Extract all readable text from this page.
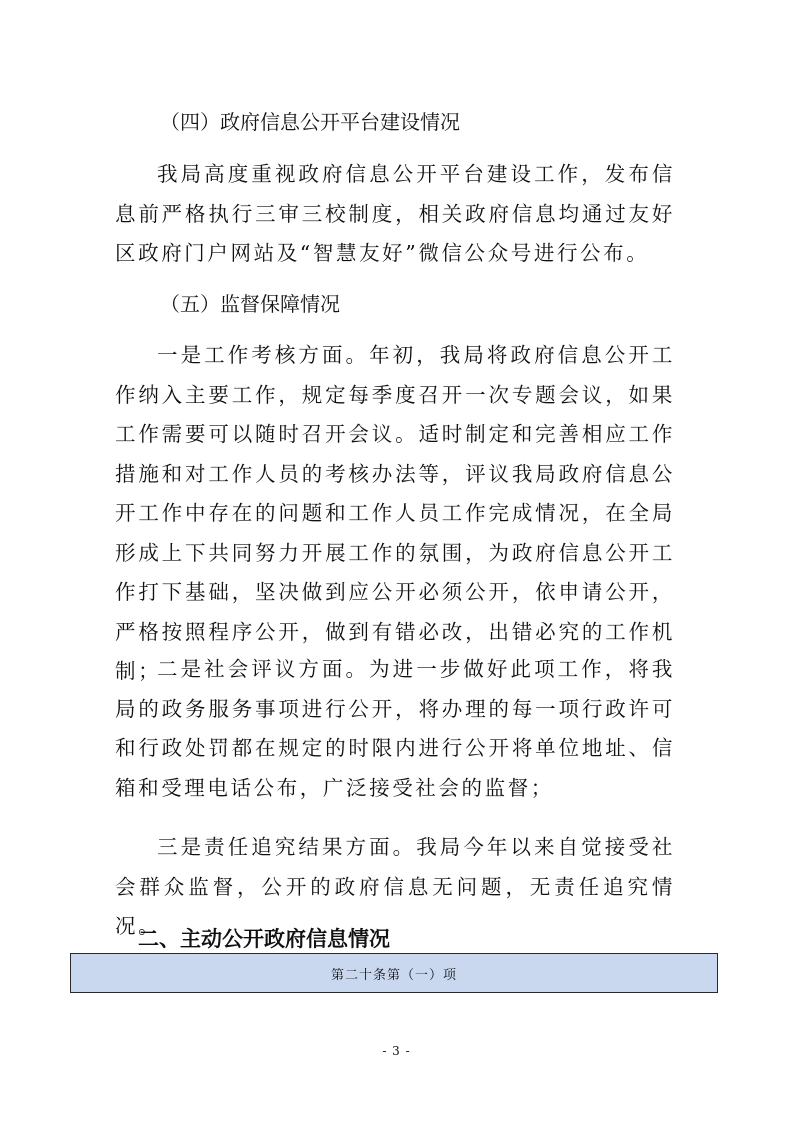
（四）政府信息公开平台建设情况
我局高度重视政府信息公开平台建设工作，发布信息前严格执行三审三校制度，相关政府信息均通过友好区政府门户网站及“智慧友好”微信公众号进行公布。
（五）监督保障情况
一是工作考核方面。年初，我局将政府信息公开工作纳入主要工作，规定每季度召开一次专题会议，如果工作需要可以随时召开会议。适时制定和完善相应工作措施和对工作人员的考核办法等，评议我局政府信息公开工作中存在的问题和工作人员工作完成情况，在全局形成上下共同努力开展工作的氛围，为政府信息公开工作打下基础，坚决做到应公开必须公开，依申请公开，严格按照程序公开，做到有错必改，出错必究的工作机制；
二是社会评议方面。为进一步做好此项工作，将我局的政务服务事项进行公开，将办理的每一项行政许可和行政处罚都在规定的时限内进行公开将单位地址、信箱和受理电话公布，广泛接受社会的监督；
三是责任追究结果方面。我局今年以来自觉接受社会群众监督，公开的政府信息无问题，无责任追究情况。
二、主动公开政府信息情况
第二十条第（一）项
- 3 -
